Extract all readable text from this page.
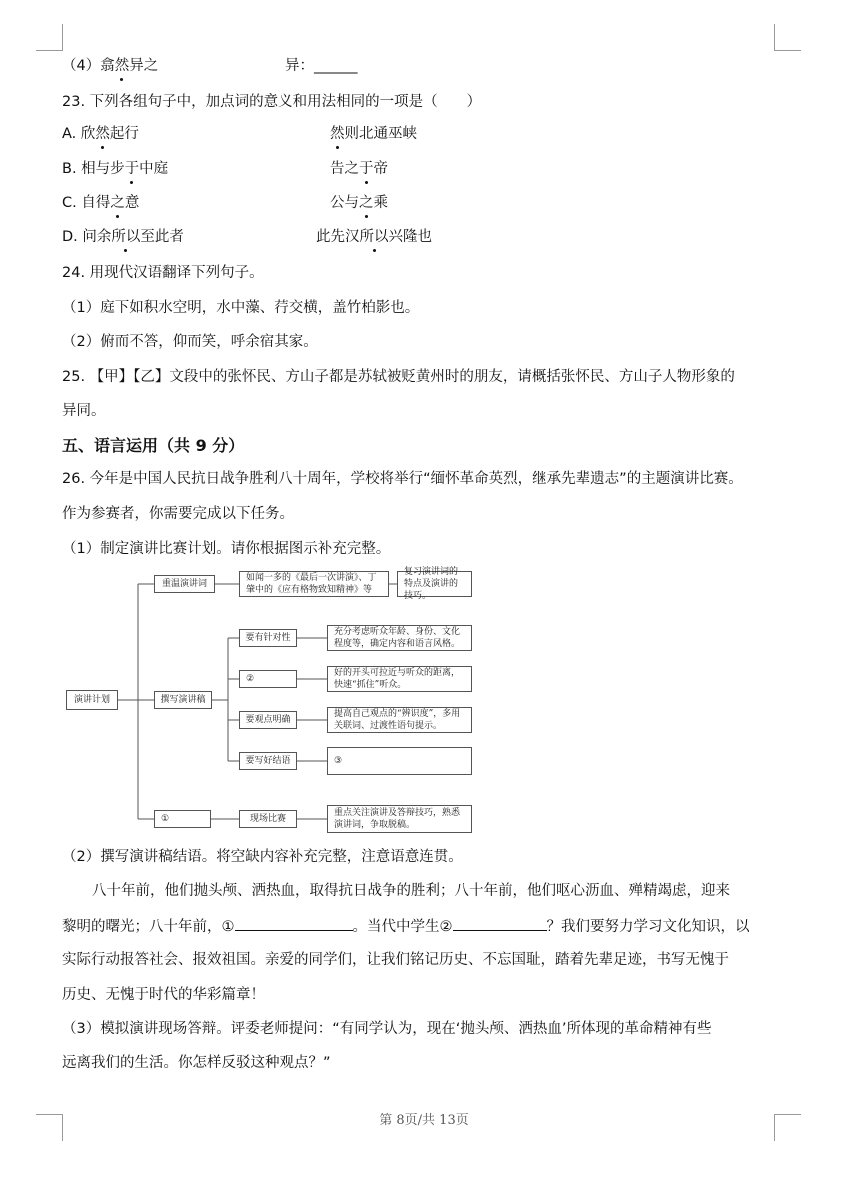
（4）翕然异之	异：______
23. 下列各组句子中，加点词的意义和用法相同的一项是（　　）
A. 欣然起行	然则北通巫峡
B. 相与步于中庭	告之于帝
C. 自得之意	公与之乘
D. 问余所以至此者	此先汉所以兴隆也
24. 用现代汉语翻译下列句子。
（1）庭下如积水空明，水中藻、荇交横，盖竹柏影也。
（2）俯而不答，仰而笑，呼余宿其家。
25. 【甲】【乙】文段中的张怀民、方山子都是苏轼被贬黄州时的朋友，请概括张怀民、方山子人物形象的
异同。
五、语言运用（共 9 分）
26. 今年是中国人民抗日战争胜利八十周年，学校将举行“缅怀革命英烈，继承先辈遗志”的主题演讲比赛。
作为参赛者，你需要完成以下任务。
（1）制定演讲比赛计划。请你根据图示补充完整。
演讲计划
重温演讲词
如闻一多的《最后一次讲演》、丁肇中的《应有格物致知精神》等
复习演讲词的特点及演讲的技巧。
撰写演讲稿
要有针对性
充分考虑听众年龄、身份、文化程度等，确定内容和语言风格。
②
好的开头可拉近与听众的距离，快速“抓住”听众。
要观点明确
提高自己观点的“辨识度”，多用关联词、过渡性语句提示。
要写好结语	③
①	现场比赛
重点关注演讲及答辩技巧，熟悉演讲词，争取脱稿。
（2）撰写演讲稿结语。将空缺内容补充完整，注意语意连贯。
八十年前，他们抛头颅、洒热血，取得抗日战争的胜利；八十年前，他们呕心沥血、殚精竭虑，迎来
黎明的曙光；八十年前，①	。当代中学生②	？我们要努力学习文化知识，以
实际行动报答社会、报效祖国。亲爱的同学们，让我们铭记历史、不忘国耻，踏着先辈足迹，书写无愧于
历史、无愧于时代的华彩篇章！
（3）模拟演讲现场答辩。评委老师提问：“有同学认为，现在‘抛头颅、洒热血’所体现的革命精神有些
远离我们的生活。你怎样反驳这种观点？”
第 8页/共 13页
